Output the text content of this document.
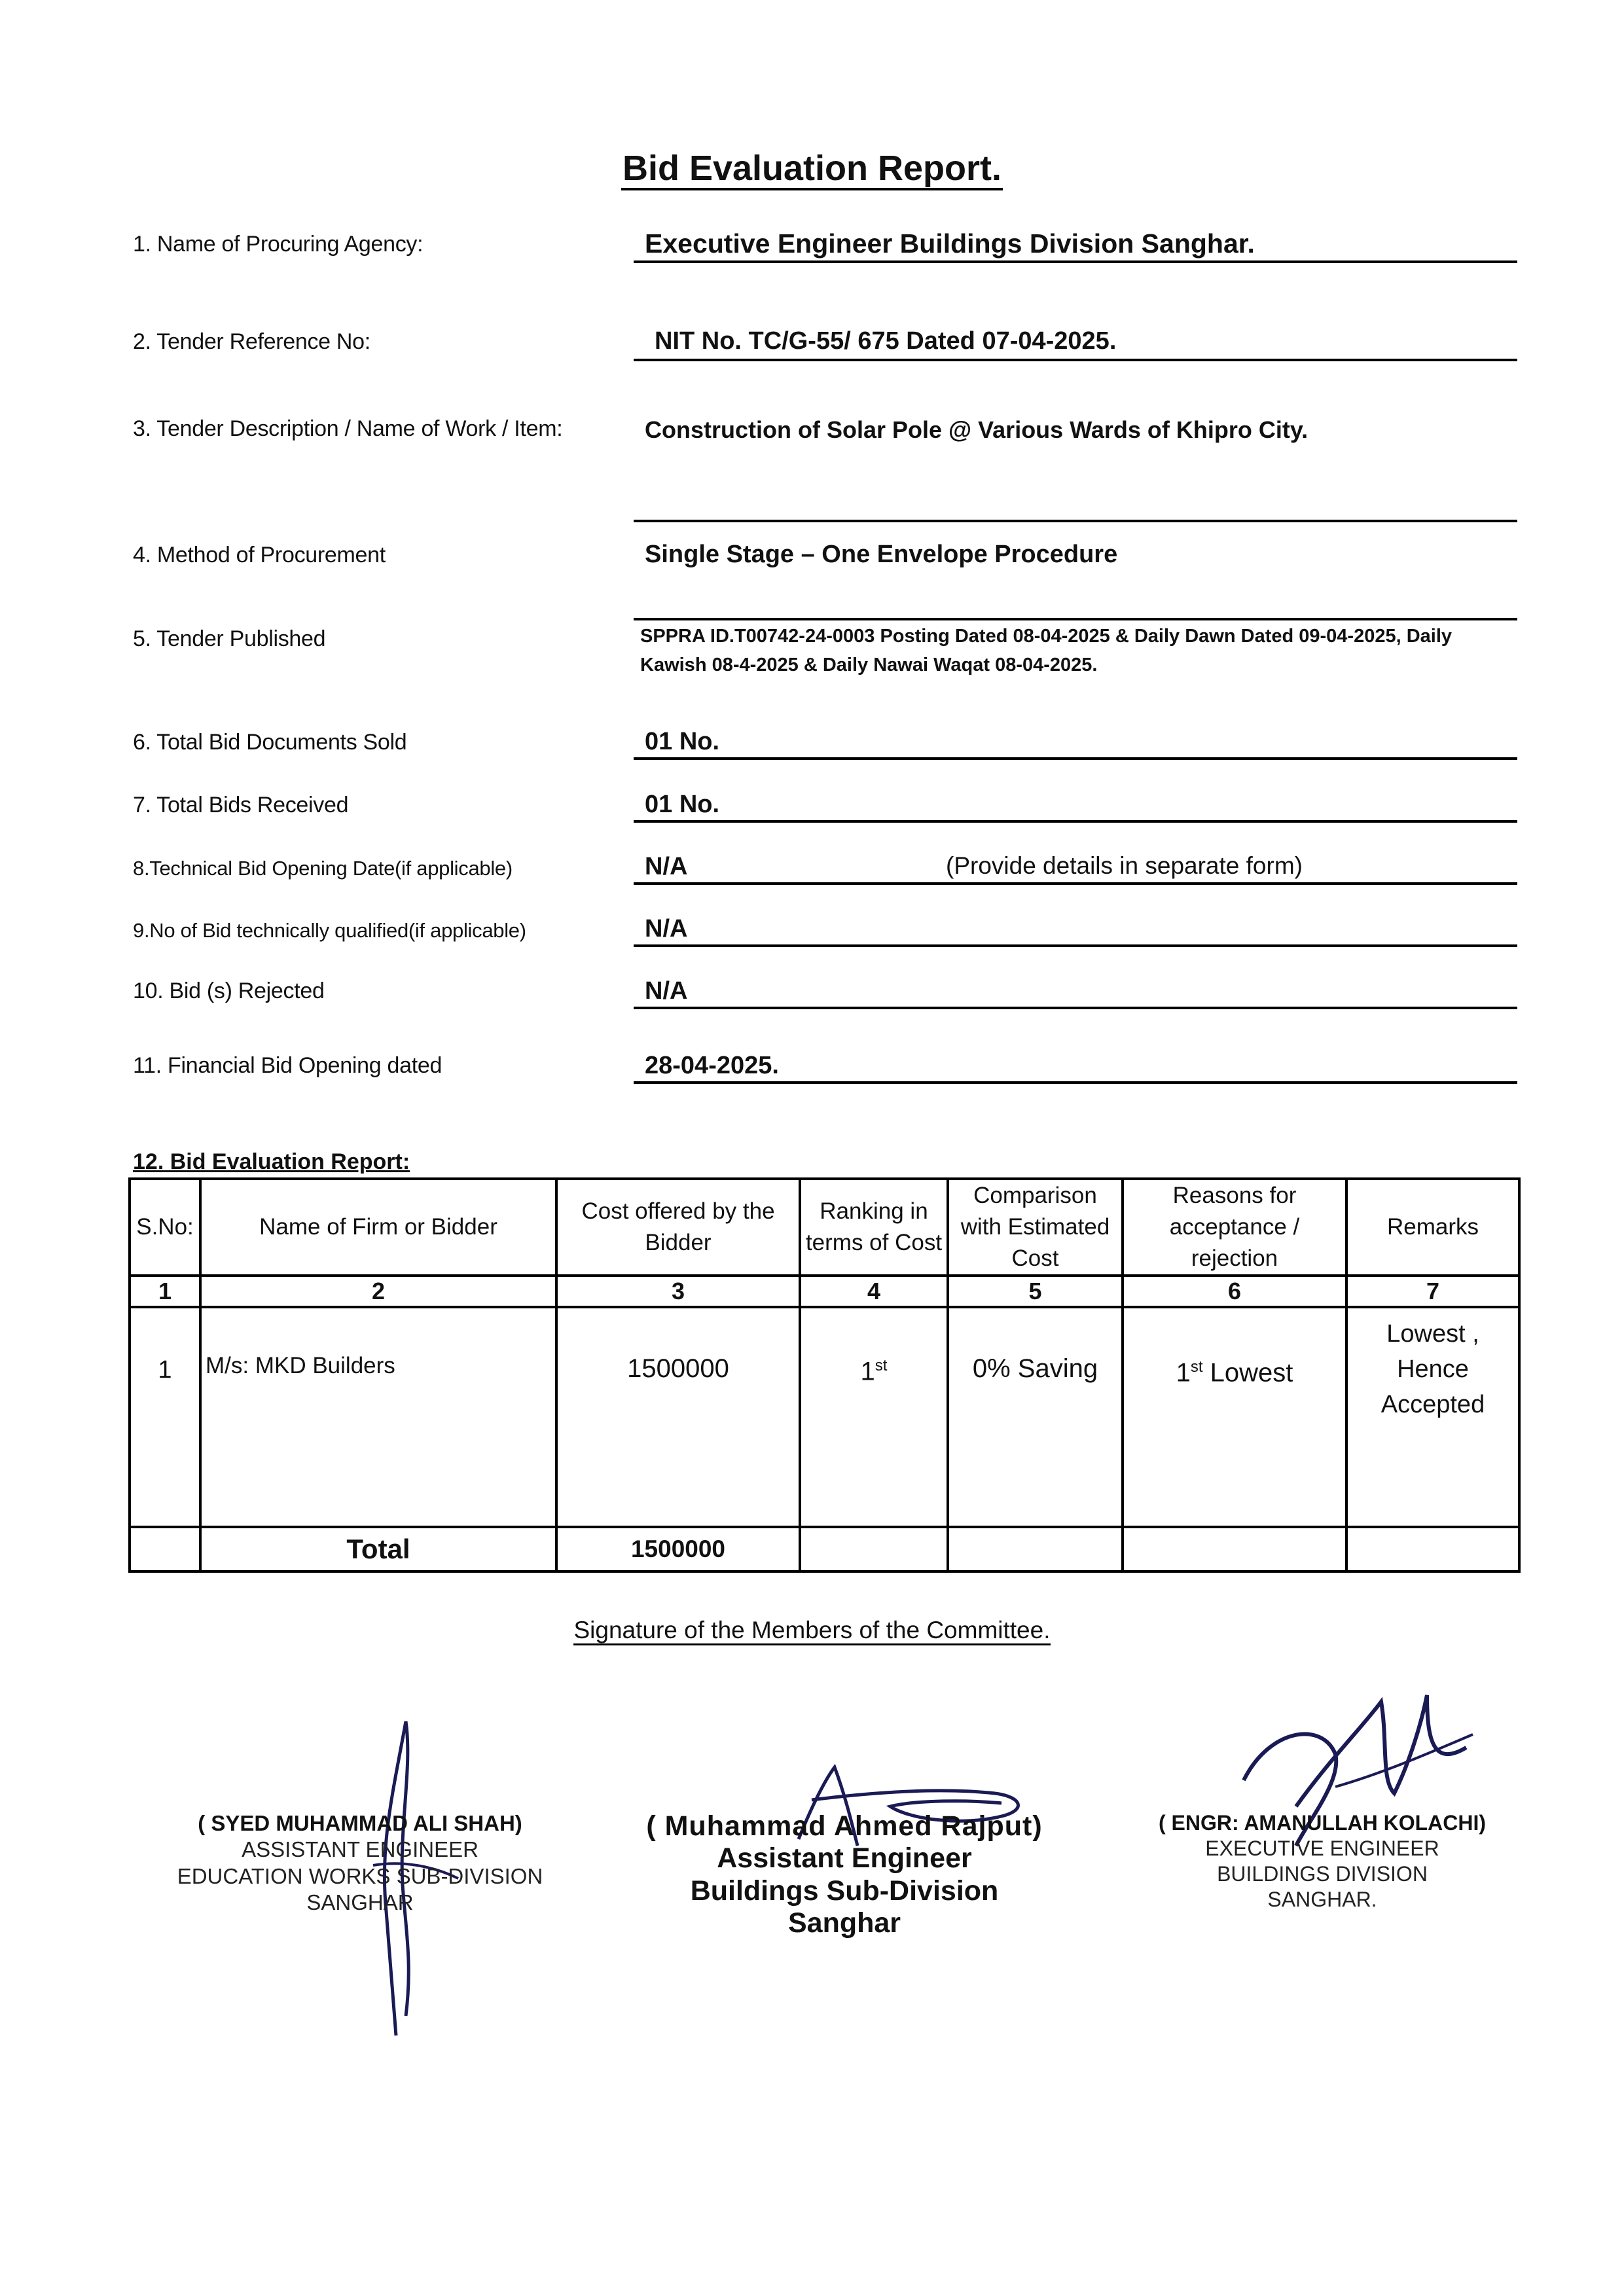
Bid Evaluation Report.
1. Name of Procuring Agency:	Executive Engineer Buildings Division Sanghar.
2. Tender Reference No:	NIT No. TC/G-55/ 675 Dated 07-04-2025.
3. Tender Description / Name of Work / Item:	Construction of Solar Pole @ Various Wards of Khipro City.
4. Method of Procurement	Single Stage – One Envelope Procedure
5. Tender Published	SPPRA ID.T00742-24-0003 Posting Dated 08-04-2025 & Daily Dawn Dated 09-04-2025, Daily Kawish 08-4-2025 & Daily Nawai Waqat 08-04-2025.
6. Total Bid Documents Sold	01 No.
7. Total Bids Received	01 No.
8.Technical Bid Opening Date(if applicable)	N/A	(Provide details in separate form)
9.No of Bid technically qualified(if applicable)	N/A
10. Bid (s) Rejected	N/A
11. Financial Bid Opening dated	28-04-2025.
12. Bid Evaluation Report:
S.No:	Name of Firm or Bidder	Cost offered by the Bidder	Ranking in terms of Cost	Comparison with Estimated Cost	Reasons for acceptance / rejection	Remarks
1	2	3	4	5	6	7
1	M/s: MKD Builders	1500000	1st	0% Saving	1st Lowest	Lowest , Hence Accepted
	Total	1500000				
Signature of the Members of the Committee.
( SYED MUHAMMAD ALI SHAH)
ASSISTANT ENGINEER
EDUCATION WORKS SUB-DIVISION
SANGHAR
( Muhammad Ahmed Rajput)
Assistant Engineer
Buildings Sub-Division
Sanghar
( ENGR: AMANULLAH KOLACHI)
EXECUTIVE ENGINEER
BUILDINGS DIVISION
SANGHAR.
